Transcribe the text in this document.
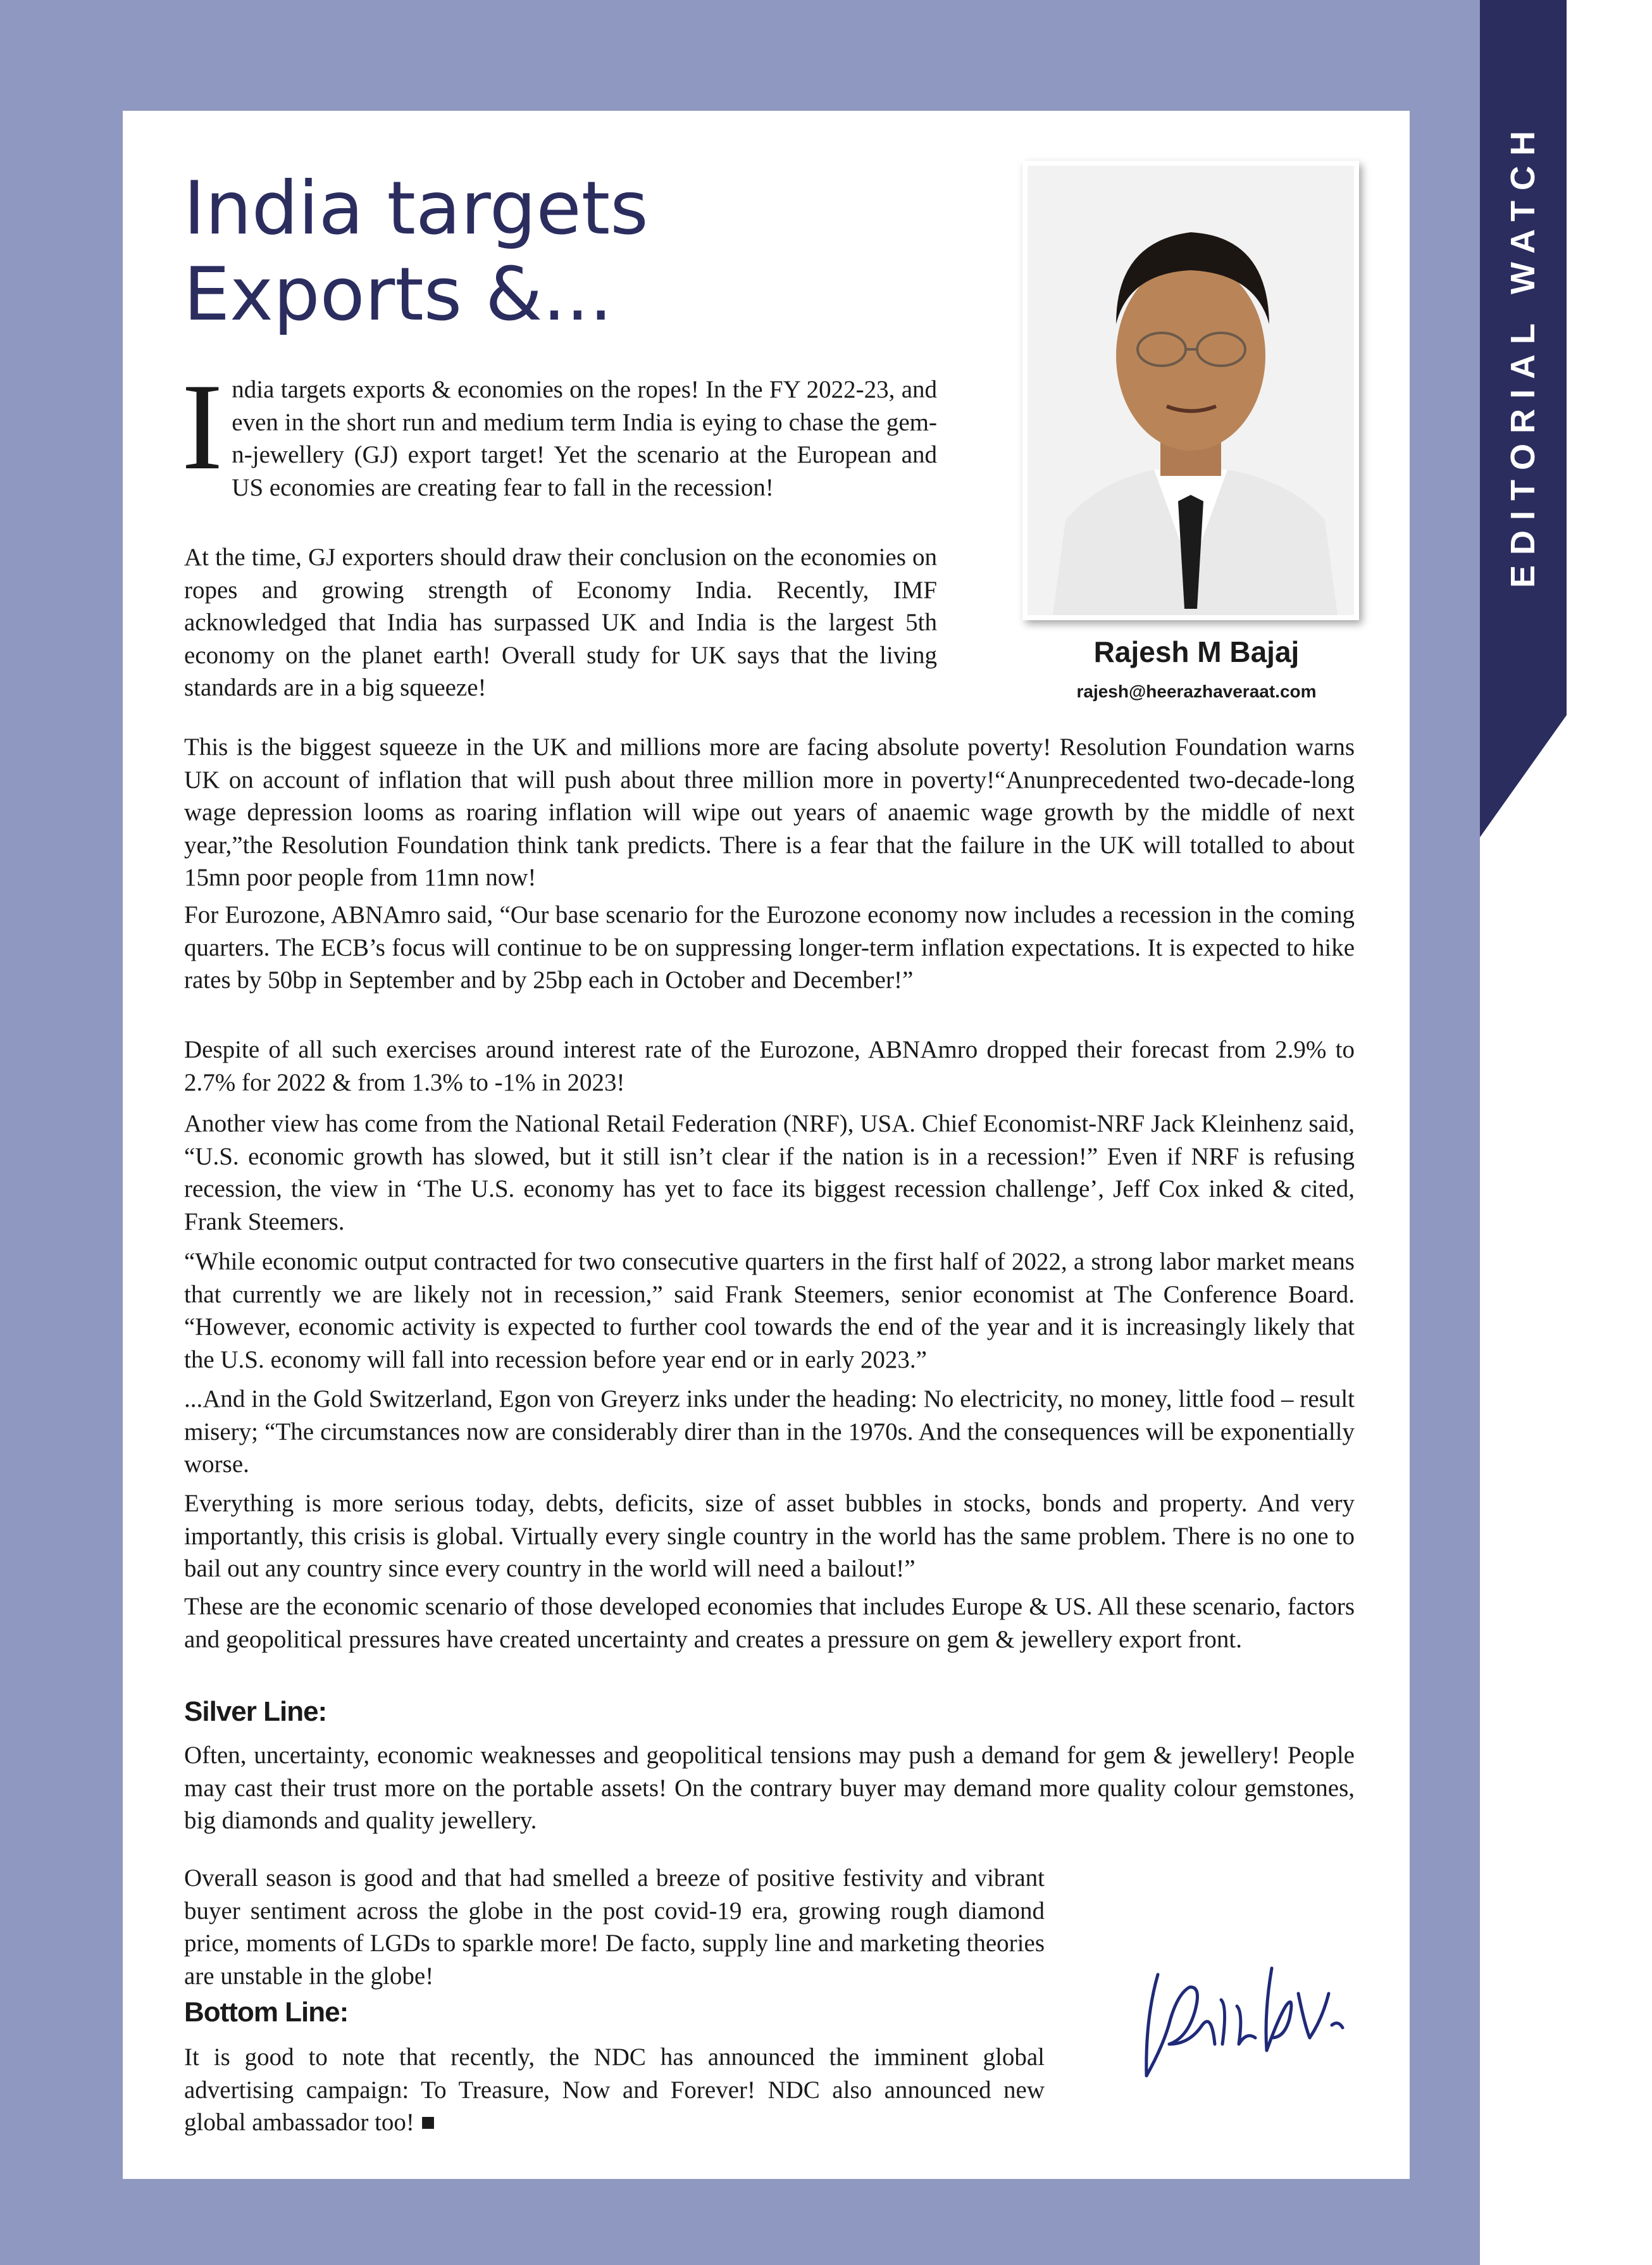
EDITORIAL WATCH
India targets
Exports &...

Rajesh M Bajaj

rajesh@heerazhaveraat.com

India targets exports & economies on the ropes! In the FY 2022-23, and even in the short run and medium term India is eying to chase the gem-n-jewellery (GJ) export target! Yet the scenario at the European and US economies are creating fear to fall in the recession!

At the time, GJ exporters should draw their conclusion on the economies on ropes and growing strength of Economy India. Recently, IMF acknowledged that India has surpassed UK and India is the largest 5th economy on the planet earth! Overall study for UK says that the living standards are in a big squeeze!

This is the biggest squeeze in the UK and millions more are facing absolute poverty! Resolution Foundation warns UK on account of inflation that will push about three million more in poverty!“Anunprecedented two-decade-long wage depression looms as roaring inflation will wipe out years of anaemic wage growth by the middle of next year,”the Resolution Foundation think tank predicts. There is a fear that the failure in the UK will totalled to about 15mn poor people from 11mn now!

For Eurozone, ABNAmro said, “Our base scenario for the Eurozone economy now includes a recession in the coming quarters. The ECB’s focus will continue to be on suppressing longer-term inflation expectations. It is expected to hike rates by 50bp in September and by 25bp each in October and December!”

Despite of all such exercises around interest rate of the Eurozone, ABNAmro dropped their forecast from 2.9% to 2.7% for 2022 & from 1.3% to -1% in 2023!

Another view has come from the National Retail Federation (NRF), USA. Chief Economist-NRF Jack Kleinhenz said, “U.S. economic growth has slowed, but it still isn’t clear if the nation is in a recession!” Even if NRF is refusing recession, the view in ‘The U.S. economy has yet to face its biggest recession challenge’, Jeff Cox inked & cited, Frank Steemers.

“While economic output contracted for two consecutive quarters in the first half of 2022, a strong labor market means that currently we are likely not in recession,” said Frank Steemers, senior economist at The Conference Board. “However, economic activity is expected to further cool towards the end of the year and it is increasingly likely that the U.S. economy will fall into recession before year end or in early 2023.”

...And in the Gold Switzerland, Egon von Greyerz inks under the heading: No electricity, no money, little food – result misery; “The circumstances now are considerably direr than in the 1970s. And the consequences will be exponentially worse.

Everything is more serious today, debts, deficits, size of asset bubbles in stocks, bonds and property. And very importantly, this crisis is global. Virtually every single country in the world has the same problem. There is no one to bail out any country since every country in the world will need a bailout!”

These are the economic scenario of those developed economies that includes Europe & US. All these scenario, factors and geopolitical pressures have created uncertainty and creates a pressure on gem & jewellery export front.

Silver Line:

Often, uncertainty, economic weaknesses and geopolitical tensions may push a demand for gem & jewellery! People may cast their trust more on the portable assets! On the contrary buyer may demand more quality colour gemstones, big diamonds and quality jewellery.

Overall season is good and that had smelled a breeze of positive festivity and vibrant buyer sentiment across the globe in the post covid-19 era, growing rough diamond price, moments of LGDs to sparkle more! De facto, supply line and marketing theories are unstable in the globe!

Bottom Line:

It is good to note that recently, the NDC has announced the imminent global advertising campaign: To Treasure, Now and Forever! NDC also announced new global ambassador too! ■
